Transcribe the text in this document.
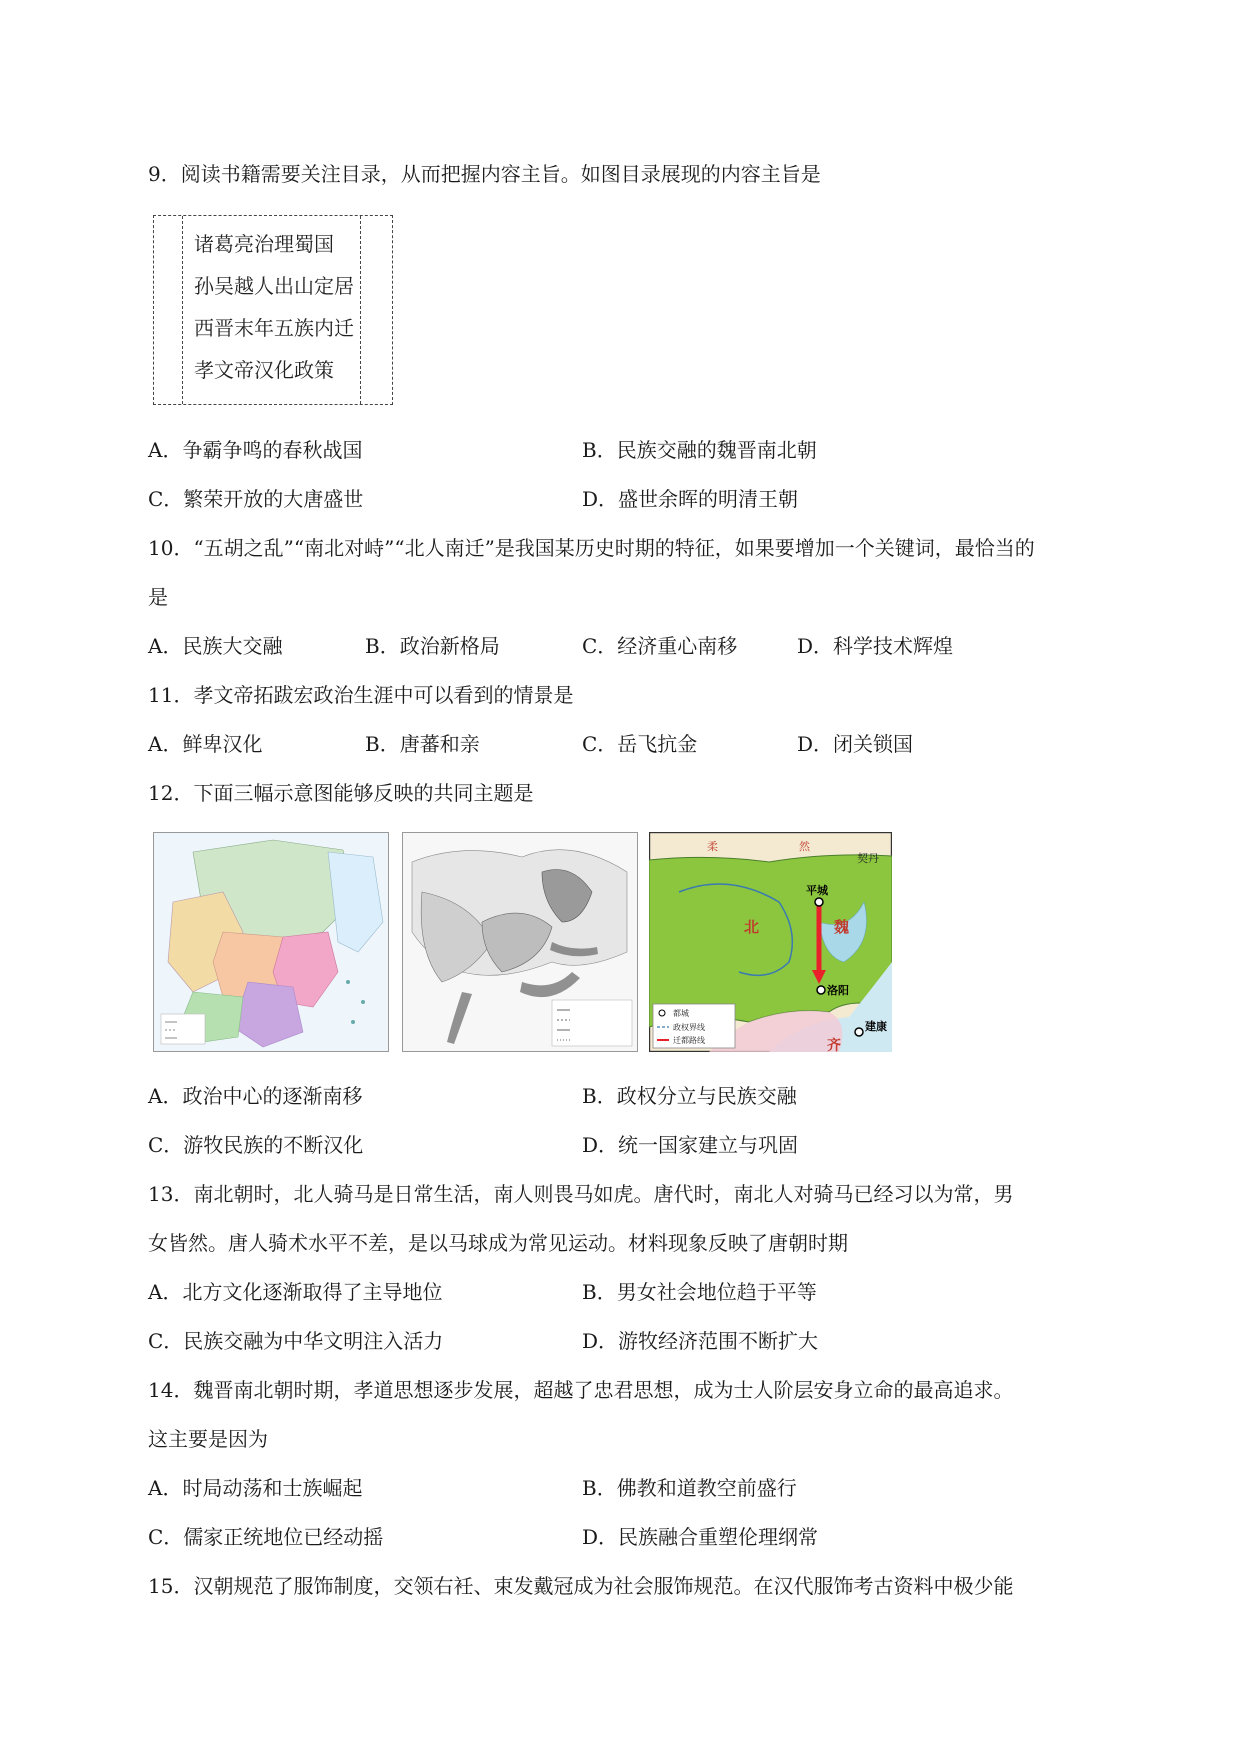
9．阅读书籍需要关注目录，从而把握内容主旨。如图目录展现的内容主旨是
诸葛亮治理蜀国
孙吴越人出山定居
西晋末年五族内迁
孝文帝汉化政策
A．争霸争鸣的春秋战国	B．民族交融的魏晋南北朝
C．繁荣开放的大唐盛世	D．盛世余晖的明清王朝
10．“五胡之乱”“南北对峙”“北人南迁”是我国某历史时期的特征，如果要增加一个关键词，最恰当的
是
A．民族大交融	B．政治新格局	C．经济重心南移	D．科学技术辉煌
11．孝文帝拓跋宏政治生涯中可以看到的情景是
A．鲜卑汉化	B．唐蕃和亲	C．岳飞抗金	D．闭关锁国
12．下面三幅示意图能够反映的共同主题是
柔	然
契丹
北	魏
平城
洛阳
齐
建康
都城
政权界线
迁都路线
A．政治中心的逐渐南移	B．政权分立与民族交融
C．游牧民族的不断汉化	D．统一国家建立与巩固
13．南北朝时，北人骑马是日常生活，南人则畏马如虎。唐代时，南北人对骑马已经习以为常，男
女皆然。唐人骑术水平不差，是以马球成为常见运动。材料现象反映了唐朝时期
A．北方文化逐渐取得了主导地位	B．男女社会地位趋于平等
C．民族交融为中华文明注入活力	D．游牧经济范围不断扩大
14．魏晋南北朝时期，孝道思想逐步发展，超越了忠君思想，成为士人阶层安身立命的最高追求。
这主要是因为
A．时局动荡和士族崛起	B．佛教和道教空前盛行
C．儒家正统地位已经动摇	D．民族融合重塑伦理纲常
15．汉朝规范了服饰制度，交领右衽、束发戴冠成为社会服饰规范。在汉代服饰考古资料中极少能
